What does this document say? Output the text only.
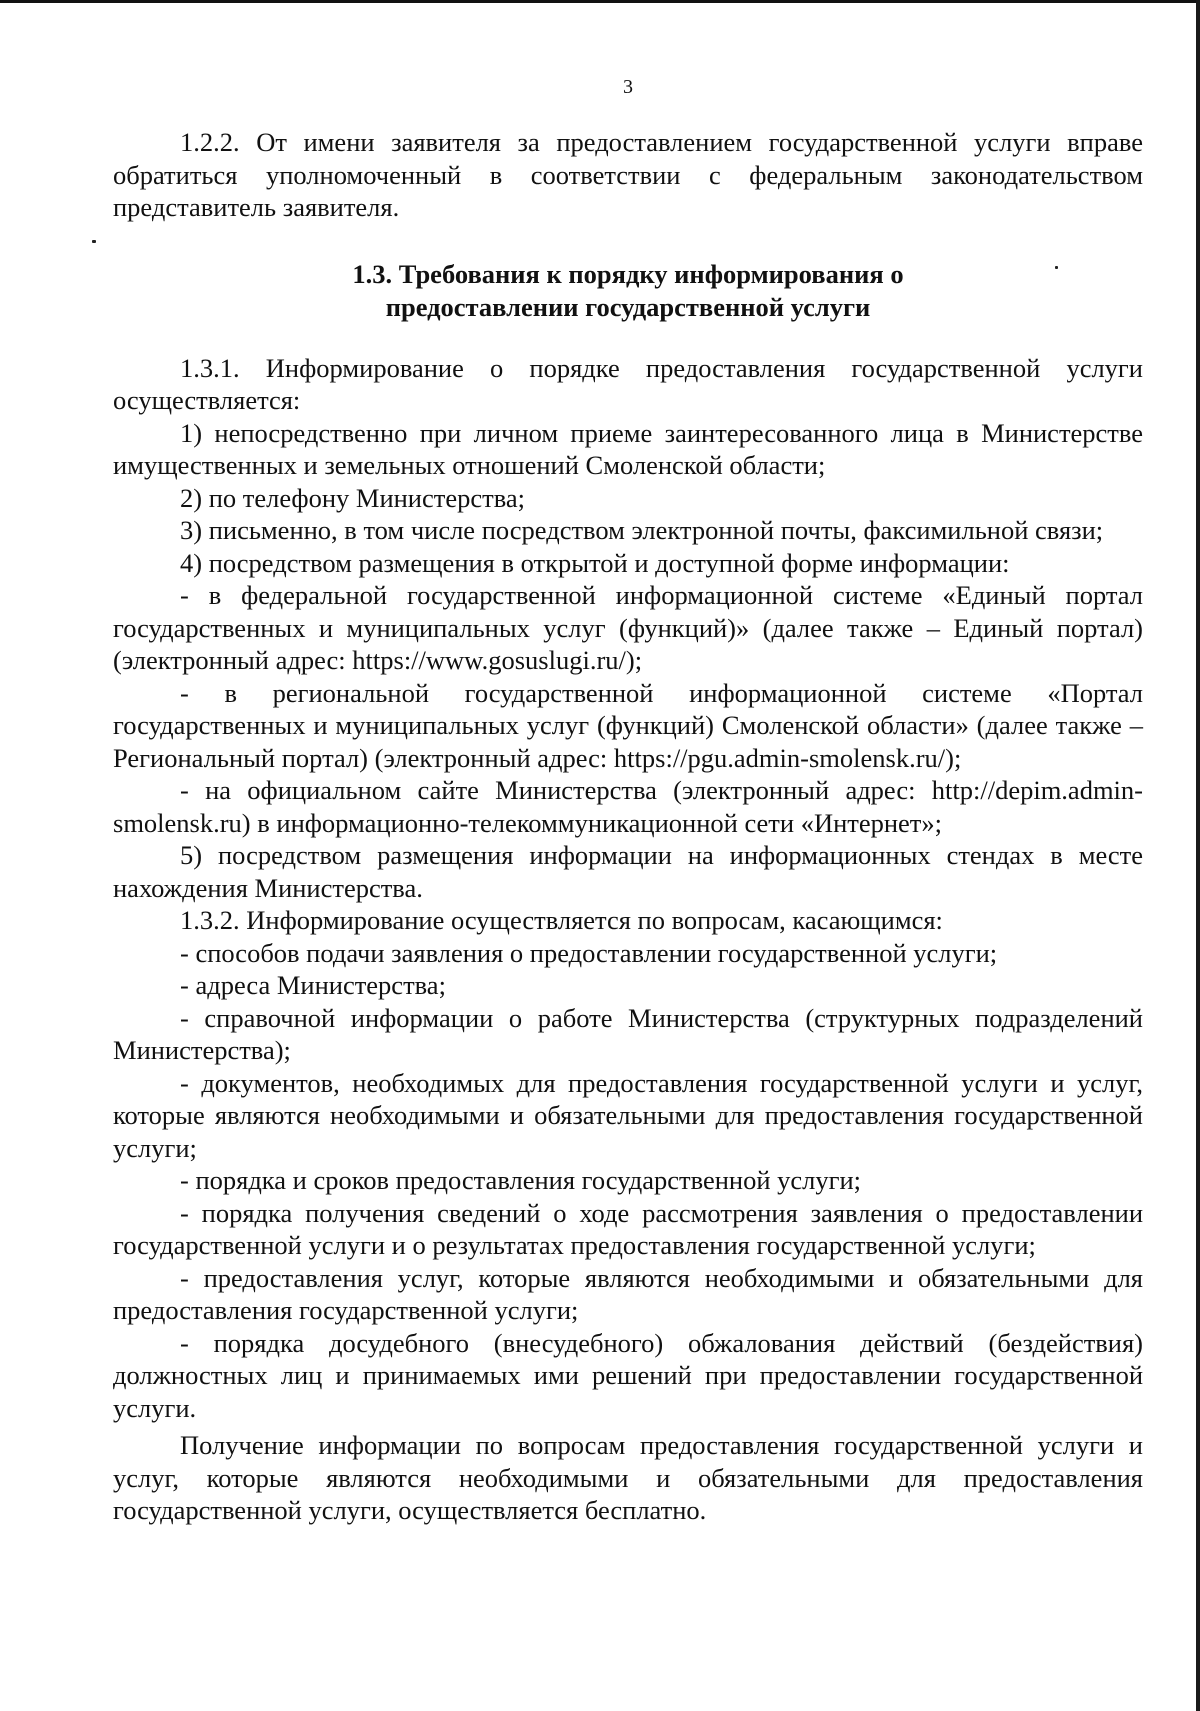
3

1.2.2. От имени заявителя за предоставлением государственной услуги вправе обратиться уполномоченный в соответствии с федеральным законодательством представитель заявителя.

1.3. Требования к порядку информирования о
предоставлении государственной услуги

1.3.1. Информирование о порядке предоставления государственной услуги осуществляется:

1) непосредственно при личном приеме заинтересованного лица в Министерстве имущественных и земельных отношений Смоленской области;

2) по телефону Министерства;

3) письменно, в том числе посредством электронной почты, факсимильной связи;

4) посредством размещения в открытой и доступной форме информации:

- в федеральной государственной информационной системе «Единый портал государственных и муниципальных услуг (функций)» (далее также – Единый портал) (электронный адрес: https://www.gosuslugi.ru/);

- в региональной государственной информационной системе «Портал государственных и муниципальных услуг (функций) Смоленской области» (далее также – Региональный портал) (электронный адрес: https://pgu.admin-smolensk.ru/);

- на официальном сайте Министерства (электронный адрес: http://depim.admin-smolensk.ru) в информационно-телекоммуникационной сети «Интернет»;

5) посредством размещения информации на информационных стендах в месте нахождения Министерства.

1.3.2. Информирование осуществляется по вопросам, касающимся:

- способов подачи заявления о предоставлении государственной услуги;

- адреса Министерства;

- справочной информации о работе Министерства (структурных подразделений Министерства);

- документов, необходимых для предоставления государственной услуги и услуг, которые являются необходимыми и обязательными для предоставления государственной услуги;

- порядка и сроков предоставления государственной услуги;

- порядка получения сведений о ходе рассмотрения заявления о предоставлении государственной услуги и о результатах предоставления государственной услуги;

- предоставления услуг, которые являются необходимыми и обязательными для предоставления государственной услуги;

- порядка досудебного (внесудебного) обжалования действий (бездействия) должностных лиц и принимаемых ими решений при предоставлении государственной услуги.

Получение информации по вопросам предоставления государственной услуги и услуг, которые являются необходимыми и обязательными для предоставления государственной услуги, осуществляется бесплатно.
